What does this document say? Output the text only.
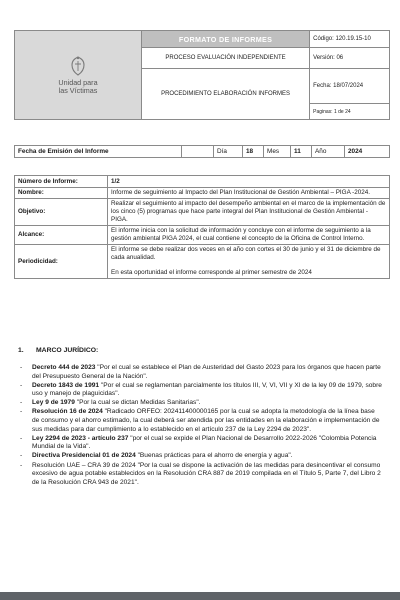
Unidad para
las Víctimas	FORMATO DE INFORMES	Código: 120.19.15-10
	PROCESO EVALUACIÓN INDEPENDIENTE	Versión: 06
	PROCEDIMIENTO ELABORACIÓN INFORMES	Fecha: 18/07/2024
		Paginas: 1 de 24
Fecha de Emisión del Informe		Día	18	Mes	11	Año	2024
Número de Informe:	1/2
Nombre:	Informe de seguimiento al Impacto del Plan Institucional de Gestión Ambiental – PIGA -2024.
Objetivo:	Realizar el seguimiento al impacto del desempeño ambiental en el marco de la implementación de los cinco (5) programas que hace parte integral del Plan Institucional de Gestión Ambiental - PIGA.
Alcance:	El informe inicia con la solicitud de información y concluye con el informe de seguimiento a la gestión ambiental PIGA 2024, el cual contiene el concepto de la Oficina de Control Interno.
Periodicidad:	El informe se debe realizar dos veces en el año con cortes el 30 de junio y el 31 de diciembre de cada anualidad.
En esta oportunidad el informe corresponde al primer semestre de 2024
1. MARCO JURÍDICO:
- Decreto 444 de 2023 "Por el cual se establece el Plan de Austeridad del Gasto 2023 para los órganos que hacen parte del Presupuesto General de la Nación".
- Decreto 1843 de 1991 "Por el cual se reglamentan parcialmente los títulos III, V, VI, VII y XI de la ley 09 de 1979, sobre uso y manejo de plaguicidas".
- Ley 9 de 1979 "Por la cual se dictan Medidas Sanitarias".
- Resolución 16 de 2024 "Radicado ORFEO: 202411400000165 por la cual se adopta la metodología de la línea base de consumo y el ahorro estimado, la cual deberá ser atendida por las entidades en la elaboración e implementación de sus medidas para dar cumplimiento a lo establecido en el artículo 237 de la Ley 2294 de 2023".
- Ley 2294 de 2023 - artículo 237 "por el cual se expide el Plan Nacional de Desarrollo 2022-2026 "Colombia Potencia Mundial de la Vida".
- Directiva Presidencial 01 de 2024 "Buenas prácticas para el ahorro de energía y agua".
- Resolución UAE – CRA 39 de 2024 "Por la cual se dispone la activación de las medidas para desincentivar el consumo excesivo de agua potable establecidos en la Resolución CRA 887 de 2019 compilada en el Título 5, Parte 7, del Libro 2 de la Resolución CRA 943 de 2021".
